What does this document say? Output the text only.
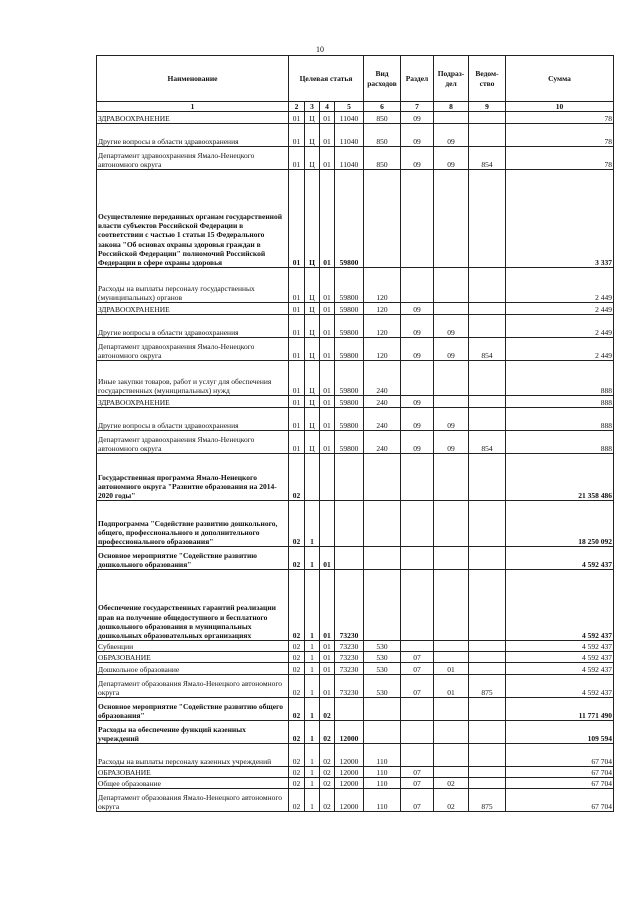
10
Наименование	Целевая статья				Вид расходов	Раздел	Подраз-дел	Ведом-ство	Сумма
1	2	3	4	5	6	7	8	9	10
ЗДРАВООХРАНЕНИЕ	01	Ц	01	11040	850	09			78
Другие вопросы в области здравоохранения	01	Ц	01	11040	850	09	09		78
Департамент здравоохранения Ямало-Ненецкого автономного округа	01	Ц	01	11040	850	09	09	854	78
Осуществление переданных органам государственной власти субъектов Российской Федерации в соответствии с частью 1 статьи 15 Федерального закона "Об основах охраны здоровья граждан в Российской Федерации" полномочий Российской Федерации в сфере охраны здоровья	01	Ц	01	59800					3 337
Расходы на выплаты персоналу государственных (муниципальных) органов	01	Ц	01	59800	120				2 449
ЗДРАВООХРАНЕНИЕ	01	Ц	01	59800	120	09			2 449
Другие вопросы в области здравоохранения	01	Ц	01	59800	120	09	09		2 449
Департамент здравоохранения Ямало-Ненецкого автономного округа	01	Ц	01	59800	120	09	09	854	2 449
Иные закупки товаров, работ и услуг для обеспечения государственных (муниципальных) нужд	01	Ц	01	59800	240				888
ЗДРАВООХРАНЕНИЕ	01	Ц	01	59800	240	09			888
Другие вопросы в области здравоохранения	01	Ц	01	59800	240	09	09		888
Департамент здравоохранения Ямало-Ненецкого автономного округа	01	Ц	01	59800	240	09	09	854	888
Государственная программа Ямало-Ненецкого автономного округа "Развитие образования на 2014-2020 годы"	02								21 358 486
Подпрограмма "Содействие развитию дошкольного, общего, профессионального и дополнительного профессионального образования"	02	1							18 250 092
Основное мероприятие "Содействие развитию дошкольного образования"	02	1	01						4 592 437
Обеспечение государственных гарантий реализации прав на получение общедоступного и бесплатного дошкольного образования в муниципальных дошкольных образовательных организациях	02	1	01	73230					4 592 437
Субвенции	02	1	01	73230	530				4 592 437
ОБРАЗОВАНИЕ	02	1	01	73230	530	07			4 592 437
Дошкольное образование	02	1	01	73230	530	07	01		4 592 437
Департамент образования Ямало-Ненецкого автономного округа	02	1	01	73230	530	07	01	875	4 592 437
Основное мероприятие "Содействие развитию общего образования"	02	1	02						11 771 490
Расходы на обеспечение функций казенных учреждений	02	1	02	12000					109 594
Расходы на выплаты персоналу казенных учреждений	02	1	02	12000	110				67 704
ОБРАЗОВАНИЕ	02	1	02	12000	110	07			67 704
Общее образование	02	1	02	12000	110	07	02		67 704
Департамент образования Ямало-Ненецкого автономного округа	02	1	02	12000	110	07	02	875	67 704
